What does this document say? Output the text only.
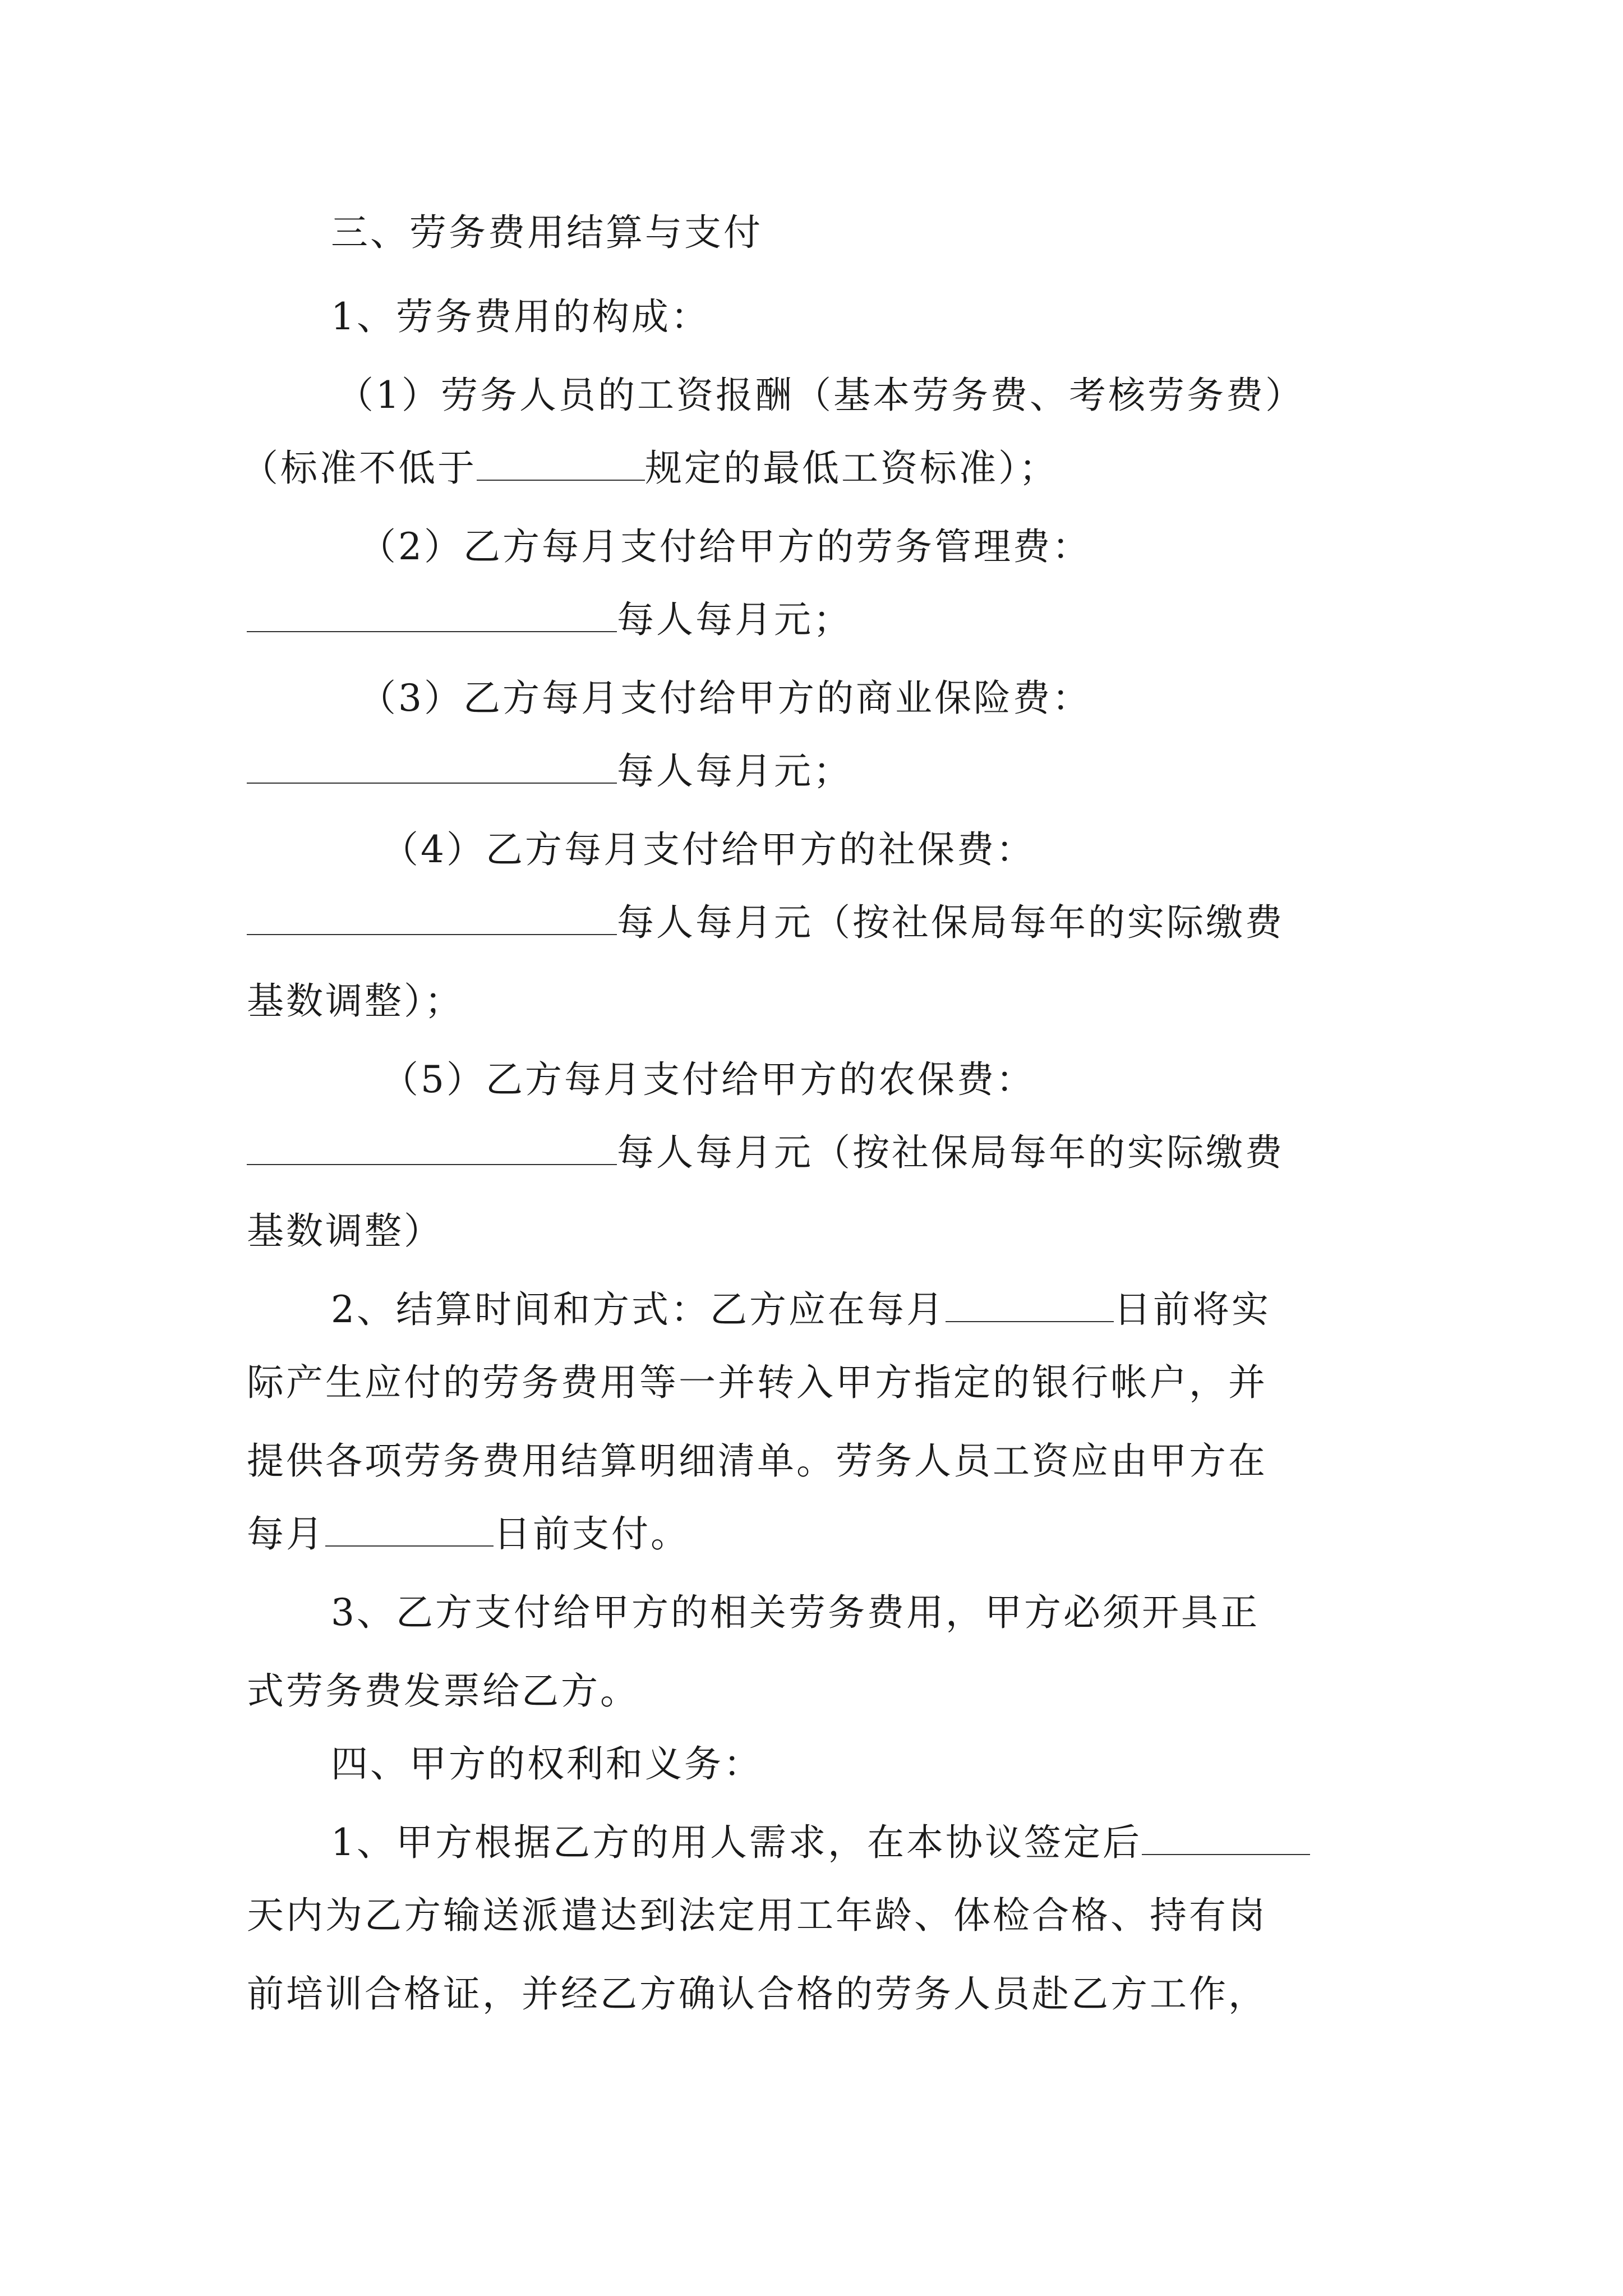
三、劳务费用结算与支付
1、劳务费用的构成：
（1）劳务人员的工资报酬（基本劳务费、考核劳务费）
（标准不低于	规定的最低工资标准）；
（2）乙方每月支付给甲方的劳务管理费：
每人每月元；
（3）乙方每月支付给甲方的商业保险费：
每人每月元；
（4）乙方每月支付给甲方的社保费：
每人每月元（按社保局每年的实际缴费
基数调整）；
（5）乙方每月支付给甲方的农保费：
每人每月元（按社保局每年的实际缴费
基数调整）
2、结算时间和方式：乙方应在每月	日前将实
际产生应付的劳务费用等一并转入甲方指定的银行帐户，并
提供各项劳务费用结算明细清单。劳务人员工资应由甲方在
每月	日前支付。
3、乙方支付给甲方的相关劳务费用，甲方必须开具正
式劳务费发票给乙方。
四、甲方的权利和义务：
1、甲方根据乙方的用人需求，在本协议签定后
天内为乙方输送派遣达到法定用工年龄、体检合格、持有岗
前培训合格证，并经乙方确认合格的劳务人员赴乙方工作，
